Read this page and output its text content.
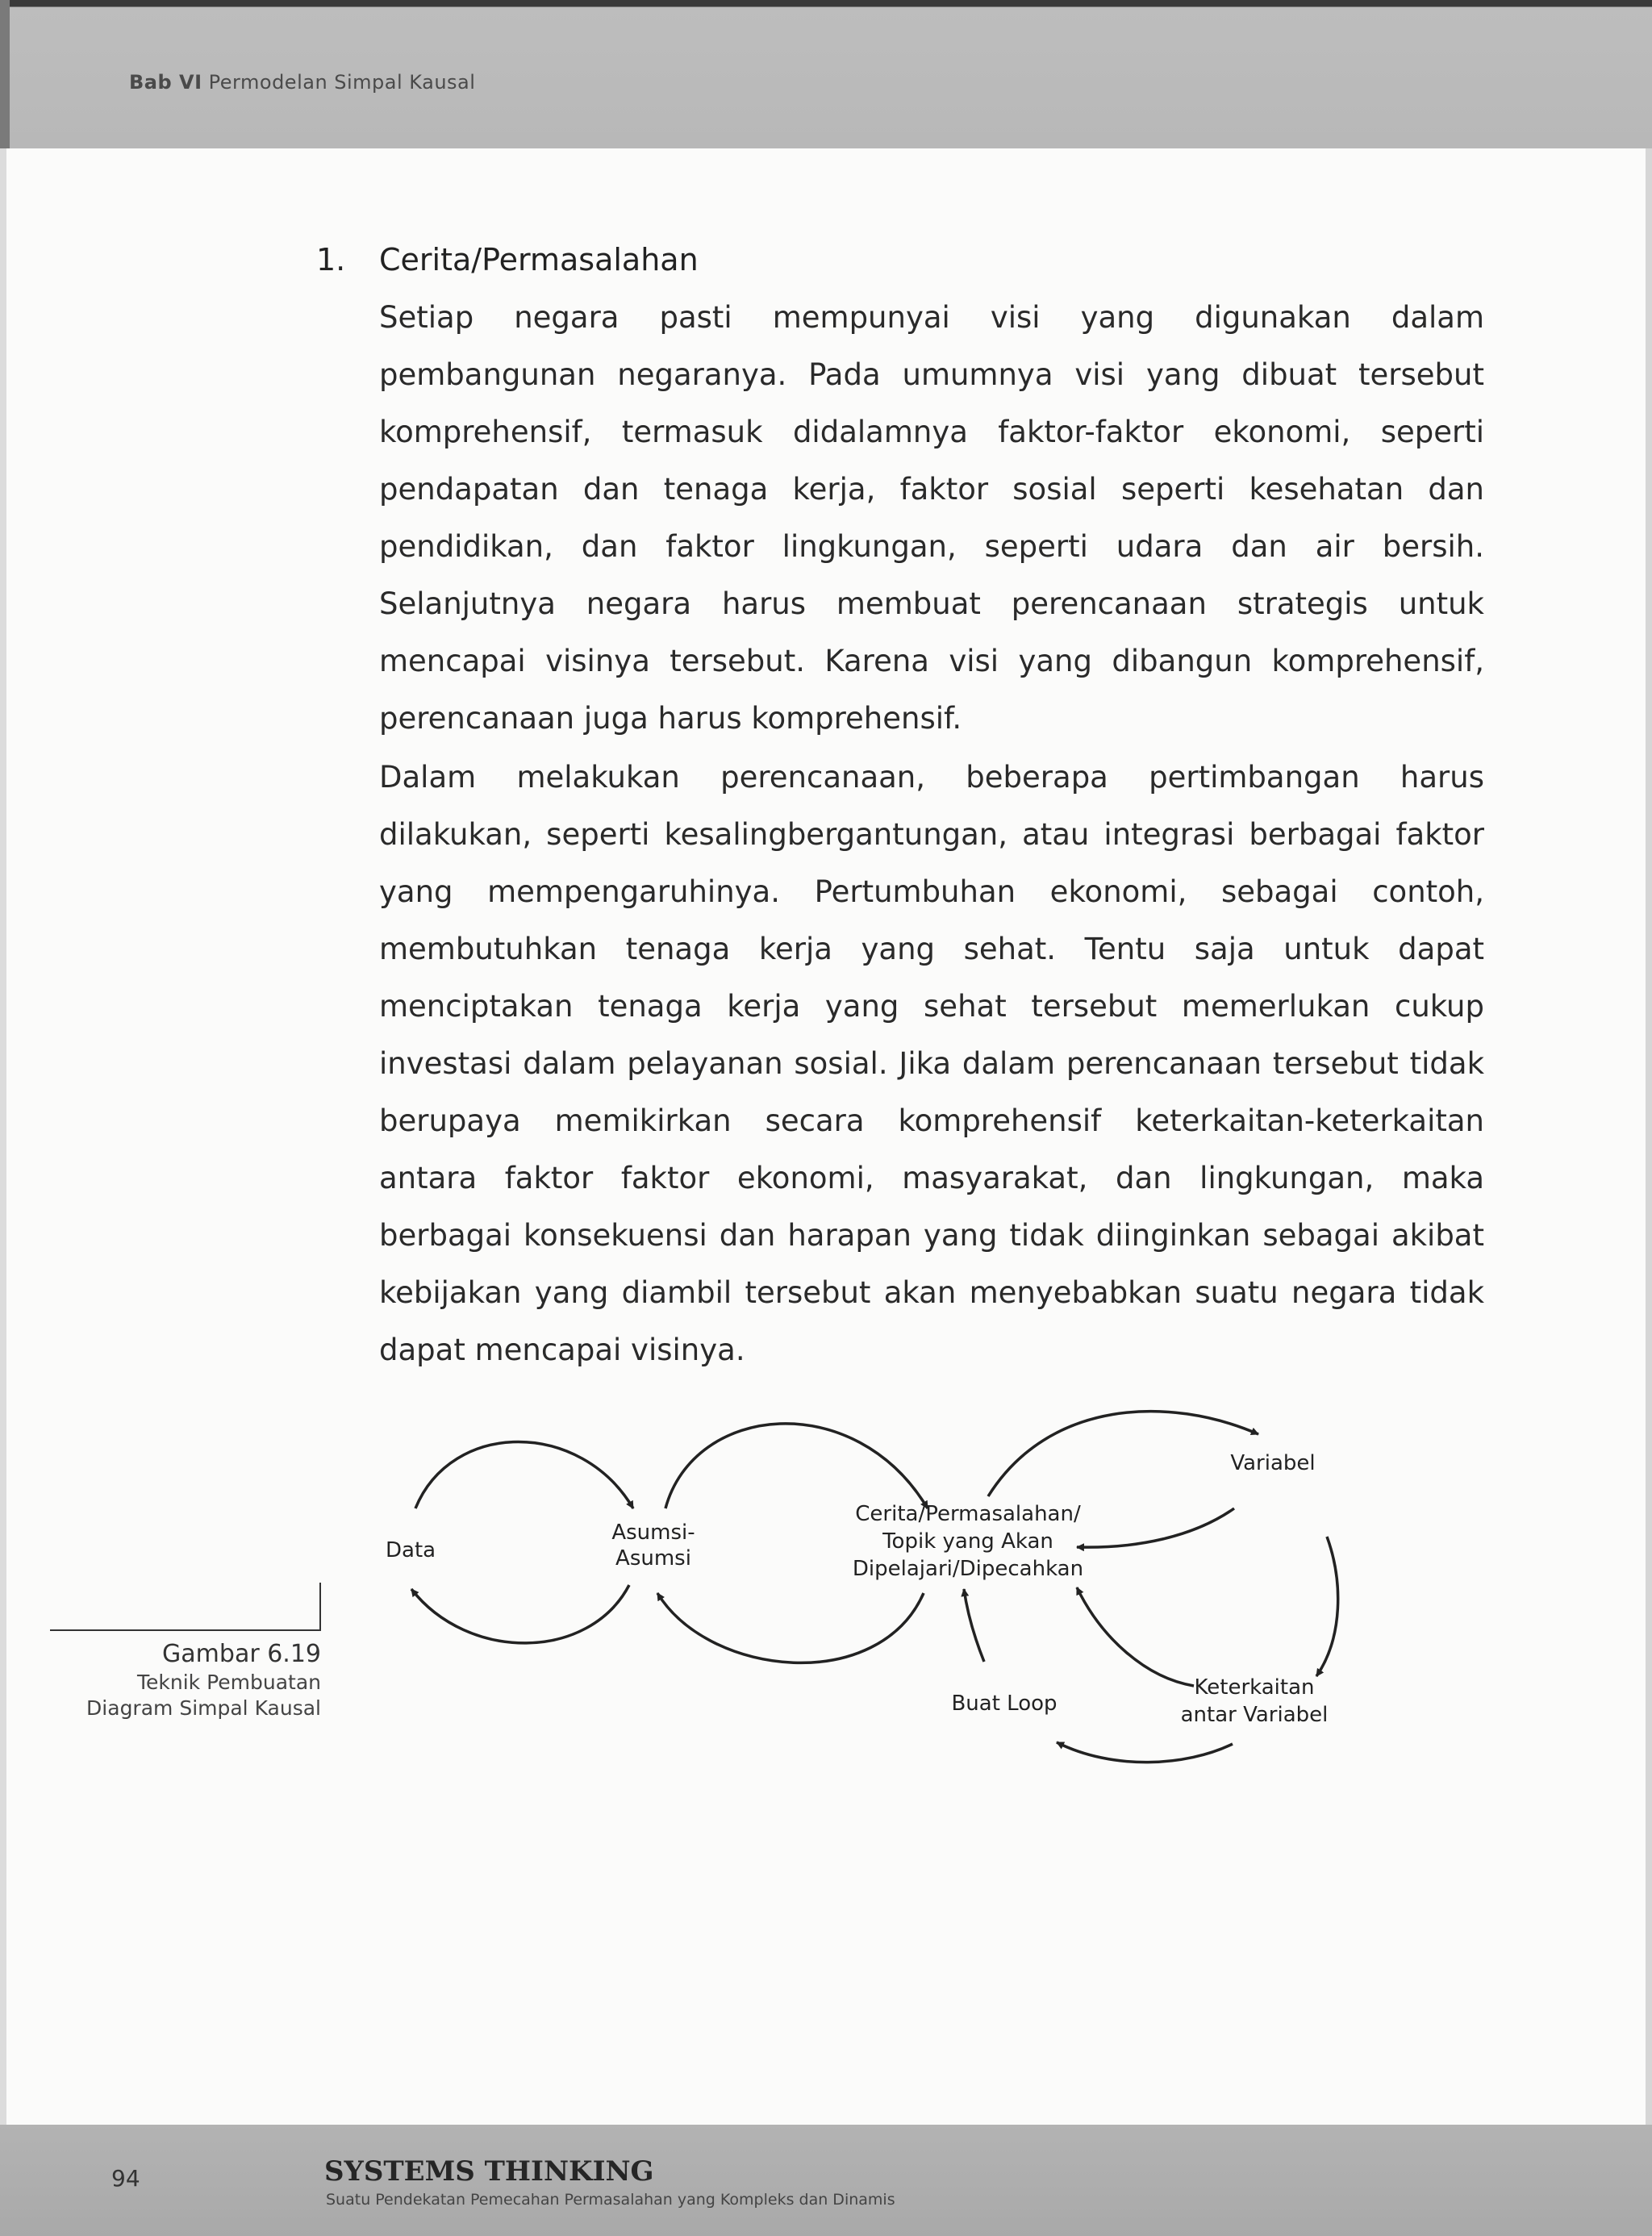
Bab VI Permodelan Simpal Kausal
1. Cerita/Permasalahan

Setiap negara pasti mempunyai visi yang digunakan dalam pembangunan negaranya. Pada umumnya visi yang dibuat tersebut komprehensif, termasuk didalamnya faktor-faktor ekonomi, seperti pendapatan dan tenaga kerja, faktor sosial seperti kesehatan dan pendidikan, dan faktor lingkungan, seperti udara dan air bersih. Selanjutnya negara harus membuat perencanaan strategis untuk mencapai visinya tersebut. Karena visi yang dibangun komprehensif, perencanaan juga harus komprehensif.

Dalam melakukan perencanaan, beberapa pertimbangan harus dilakukan, seperti kesalingbergantungan, atau integrasi berbagai faktor yang mempengaruhinya. Pertumbuhan ekonomi, sebagai contoh, membutuhkan tenaga kerja yang sehat. Tentu saja untuk dapat menciptakan tenaga kerja yang sehat tersebut memerlukan cukup investasi dalam pelayanan sosial. Jika dalam perencanaan tersebut tidak berupaya memikirkan secara komprehensif keterkaitan-keterkaitan antara faktor faktor ekonomi, masyarakat, dan lingkungan, maka berbagai konsekuensi dan harapan yang tidak diinginkan sebagai akibat kebijakan yang diambil tersebut akan menyebabkan suatu negara tidak dapat mencapai visinya.

Data
Asumsi-
Asumsi
Cerita/Permasalahan/
Topik yang Akan
Dipelajari/Dipecahkan
Variabel
Keterkaitan
antar Variabel
Buat Loop
Gambar 6.19
Teknik Pembuatan
Diagram Simpal Kausal
94	SYSTEMS THINKING
Suatu Pendekatan Pemecahan Permasalahan yang Kompleks dan Dinamis
